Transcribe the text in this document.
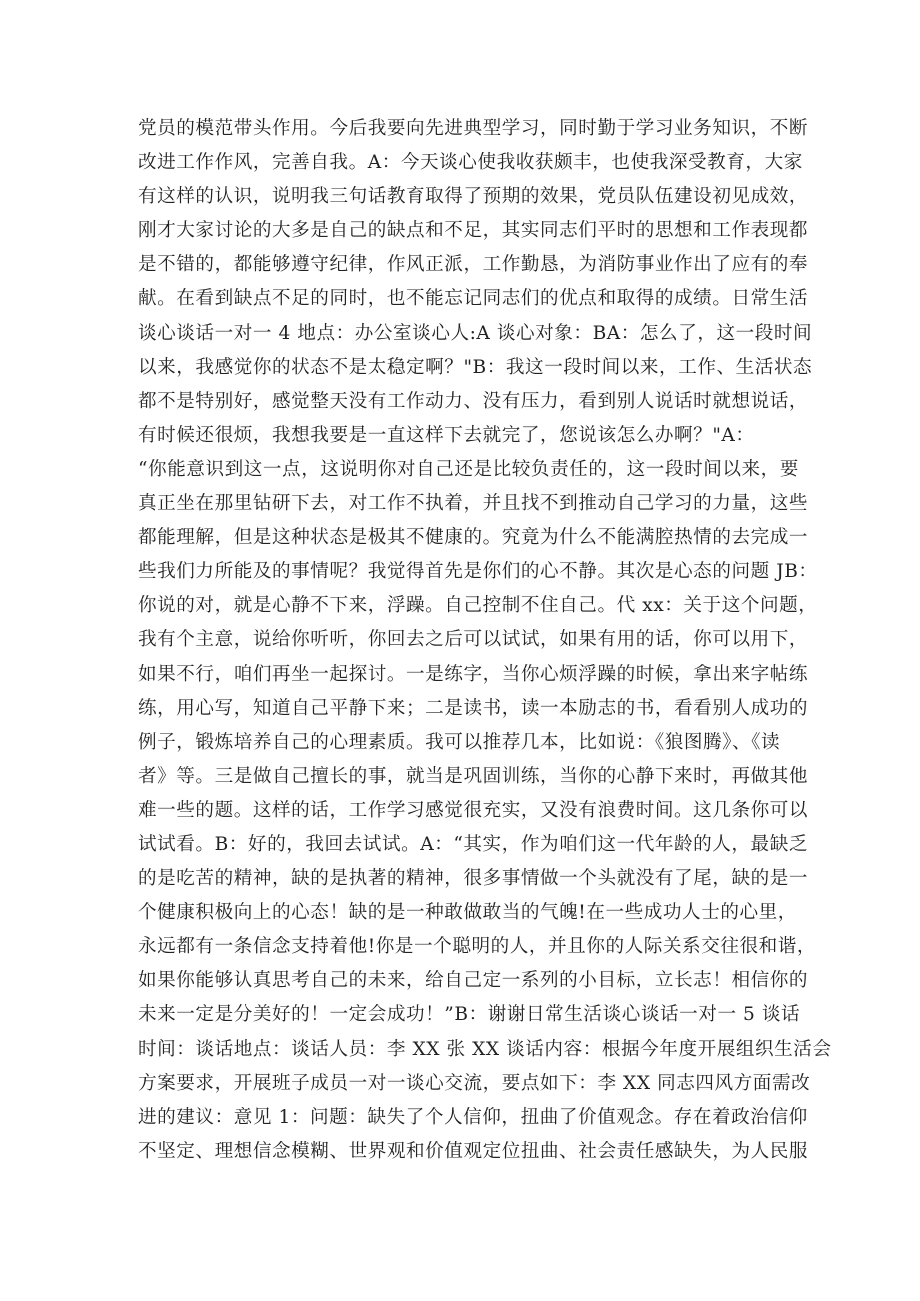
党员的模范带头作用。今后我要向先进典型学习，同时勤于学习业务知识，不断
改进工作作风，完善自我。A：今天谈心使我收获颇丰，也使我深受教育，大家
有这样的认识，说明我三句话教育取得了预期的效果，党员队伍建设初见成效，
刚才大家讨论的大多是自己的缺点和不足，其实同志们平时的思想和工作表现都
是不错的，都能够遵守纪律，作风正派，工作勤恳，为消防事业作出了应有的奉
献。在看到缺点不足的同时，也不能忘记同志们的优点和取得的成绩。日常生活
谈心谈话一对一 4 地点：办公室谈心人:A 谈心对象：BA：怎么了，这一段时间
以来，我感觉你的状态不是太稳定啊？"B：我这一段时间以来，工作、生活状态
都不是特别好，感觉整天没有工作动力、没有压力，看到别人说话时就想说话，
有时候还很烦，我想我要是一直这样下去就完了，您说该怎么办啊？"A：
“你能意识到这一点，这说明你对自己还是比较负责任的，这一段时间以来，要
真正坐在那里钻研下去，对工作不执着，并且找不到推动自己学习的力量，这些
都能理解，但是这种状态是极其不健康的。究竟为什么不能满腔热情的去完成一
些我们力所能及的事情呢？我觉得首先是你们的心不静。其次是心态的问题 JB：
你说的对，就是心静不下来，浮躁。自己控制不住自己。代 xx：关于这个问题，
我有个主意，说给你听听，你回去之后可以试试，如果有用的话，你可以用下，
如果不行，咱们再坐一起探讨。一是练字，当你心烦浮躁的时候，拿出来字帖练
练，用心写，知道自己平静下来；二是读书，读一本励志的书，看看别人成功的
例子，锻炼培养自己的心理素质。我可以推荐几本，比如说：《狼图腾》、《读
者》等。三是做自己擅长的事，就当是巩固训练，当你的心静下来时，再做其他
难一些的题。这样的话，工作学习感觉很充实，又没有浪费时间。这几条你可以
试试看。B：好的，我回去试试。A：“其实，作为咱们这一代年龄的人，最缺乏
的是吃苦的精神，缺的是执著的精神，很多事情做一个头就没有了尾，缺的是一
个健康积极向上的心态！缺的是一种敢做敢当的气魄!在一些成功人士的心里，
永远都有一条信念支持着他!你是一个聪明的人，并且你的人际关系交往很和谐，
如果你能够认真思考自己的未来，给自己定一系列的小目标，立长志！相信你的
未来一定是分美好的！一定会成功！”B：谢谢日常生活谈心谈话一对一 5 谈话
时间：谈话地点：谈话人员：李 XX 张 XX 谈话内容：根据今年度开展组织生活会
方案要求，开展班子成员一对一谈心交流，要点如下：李 XX 同志四风方面需改
进的建议：意见 1：问题：缺失了个人信仰，扭曲了价值观念。存在着政治信仰
不坚定、理想信念模糊、世界观和价值观定位扭曲、社会责任感缺失，为人民服
